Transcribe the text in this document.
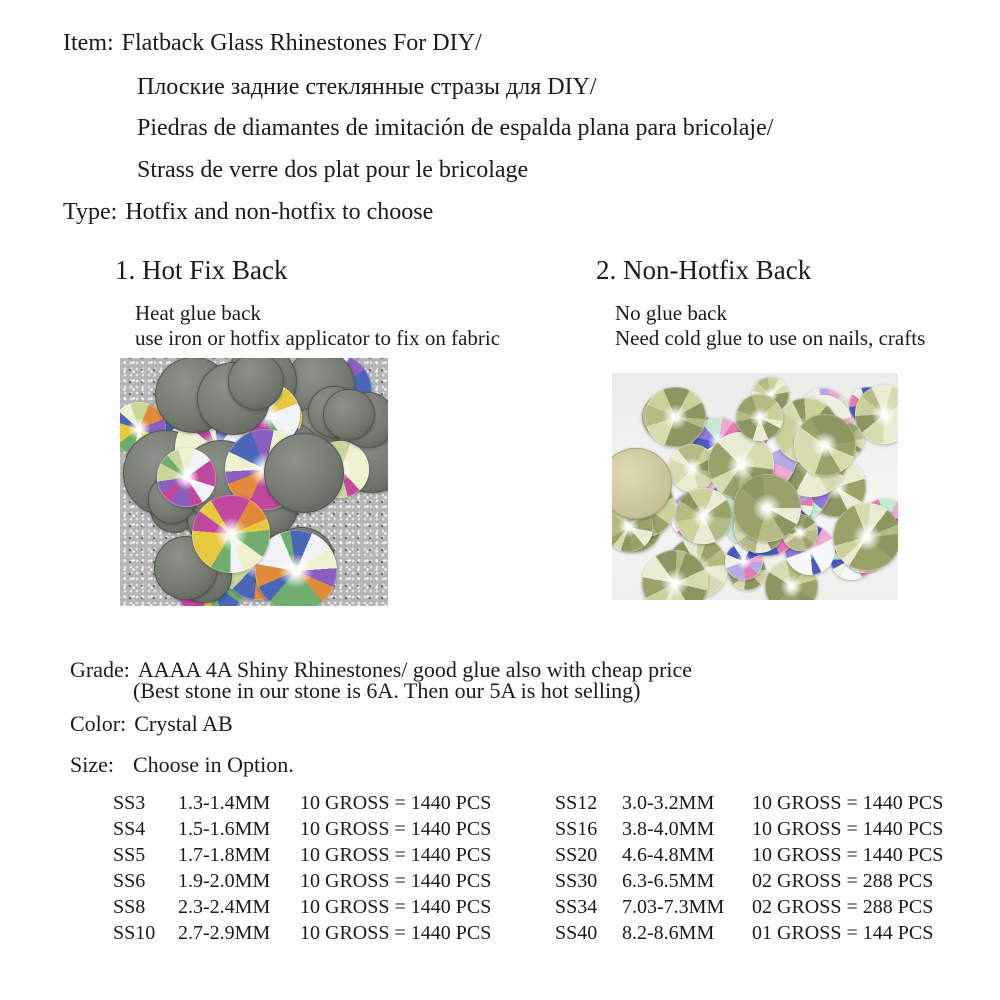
Item: Flatback Glass Rhinestones For DIY/
Плоские задние стеклянные стразы для DIY/
Piedras de diamantes de imitación de espalda plana para bricolaje/
Strass de verre dos plat pour le bricolage
Type: Hotfix and non-hotfix to choose
1. Hot Fix Back
Heat glue back
use iron or hotfix applicator to fix on fabric
2. Non-Hotfix Back
No glue back
Need cold glue to use on nails, crafts
Grade: AAAA 4A Shiny Rhinestones/ good glue also with cheap price
(Best stone in our stone is 6A. Then our 5A is hot selling)
Color: Crystal AB
Size: Choose in Option.
SS3	1.3-1.4MM	10 GROSS = 1440 PCS
SS4	1.5-1.6MM	10 GROSS = 1440 PCS
SS5	1.7-1.8MM	10 GROSS = 1440 PCS
SS6	1.9-2.0MM	10 GROSS = 1440 PCS
SS8	2.3-2.4MM	10 GROSS = 1440 PCS
SS10	2.7-2.9MM	10 GROSS = 1440 PCS
SS12	3.0-3.2MM	10 GROSS = 1440 PCS
SS16	3.8-4.0MM	10 GROSS = 1440 PCS
SS20	4.6-4.8MM	10 GROSS = 1440 PCS
SS30	6.3-6.5MM	02 GROSS = 288 PCS
SS34	7.03-7.3MM	02 GROSS = 288 PCS
SS40	8.2-8.6MM	01 GROSS = 144 PCS
